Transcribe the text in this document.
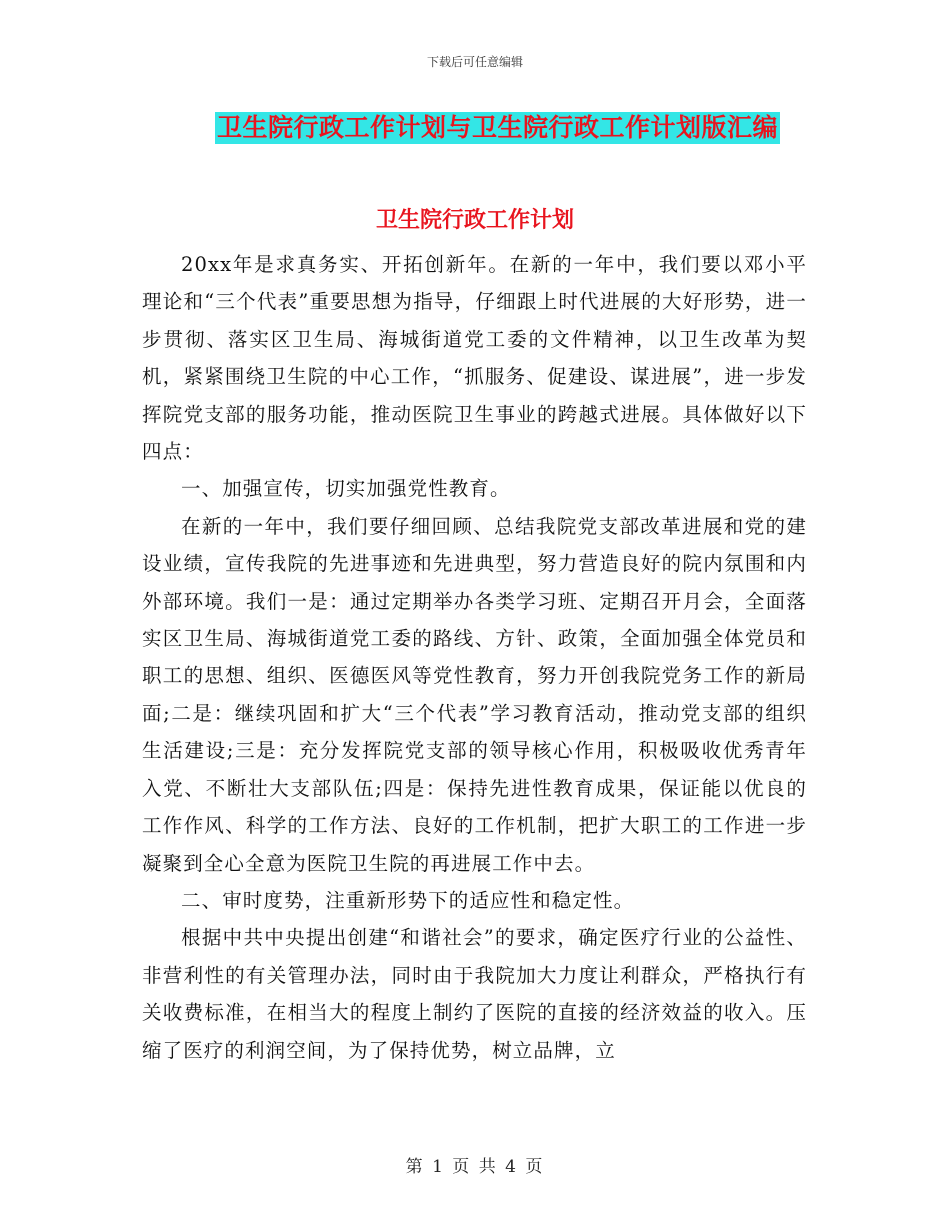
下载后可任意编辑
卫生院行政工作计划与卫生院行政工作计划版汇编
卫生院行政工作计划

20xx年是求真务实、开拓创新年。在新的一年中，我们要以邓小平理论和“三个代表”重要思想为指导，仔细跟上时代进展的大好形势，进一步贯彻、落实区卫生局、海城街道党工委的文件精神，以卫生改革为契机，紧紧围绕卫生院的中心工作，“抓服务、促建设、谋进展”，进一步发挥院党支部的服务功能，推动医院卫生事业的跨越式进展。具体做好以下四点：

一、加强宣传，切实加强党性教育。

在新的一年中，我们要仔细回顾、总结我院党支部改革进展和党的建设业绩，宣传我院的先进事迹和先进典型，努力营造良好的院内氛围和内外部环境。我们一是：通过定期举办各类学习班、定期召开月会，全面落实区卫生局、海城街道党工委的路线、方针、政策，全面加强全体党员和职工的思想、组织、医德医风等党性教育，努力开创我院党务工作的新局面;二是：继续巩固和扩大“三个代表”学习教育活动，推动党支部的组织生活建设;三是：充分发挥院党支部的领导核心作用，积极吸收优秀青年入党、不断壮大支部队伍;四是：保持先进性教育成果，保证能以优良的工作作风、科学的工作方法、良好的工作机制，把扩大职工的工作进一步凝聚到全心全意为医院卫生院的再进展工作中去。

二、审时度势，注重新形势下的适应性和稳定性。

根据中共中央提出创建“和谐社会”的要求，确定医疗行业的公益性、非营利性的有关管理办法，同时由于我院加大力度让利群众，严格执行有关收费标准，在相当大的程度上制约了医院的直接的经济效益的收入。压缩了医疗的利润空间，为了保持优势，树立品牌，立

第 1 页 共 4 页
